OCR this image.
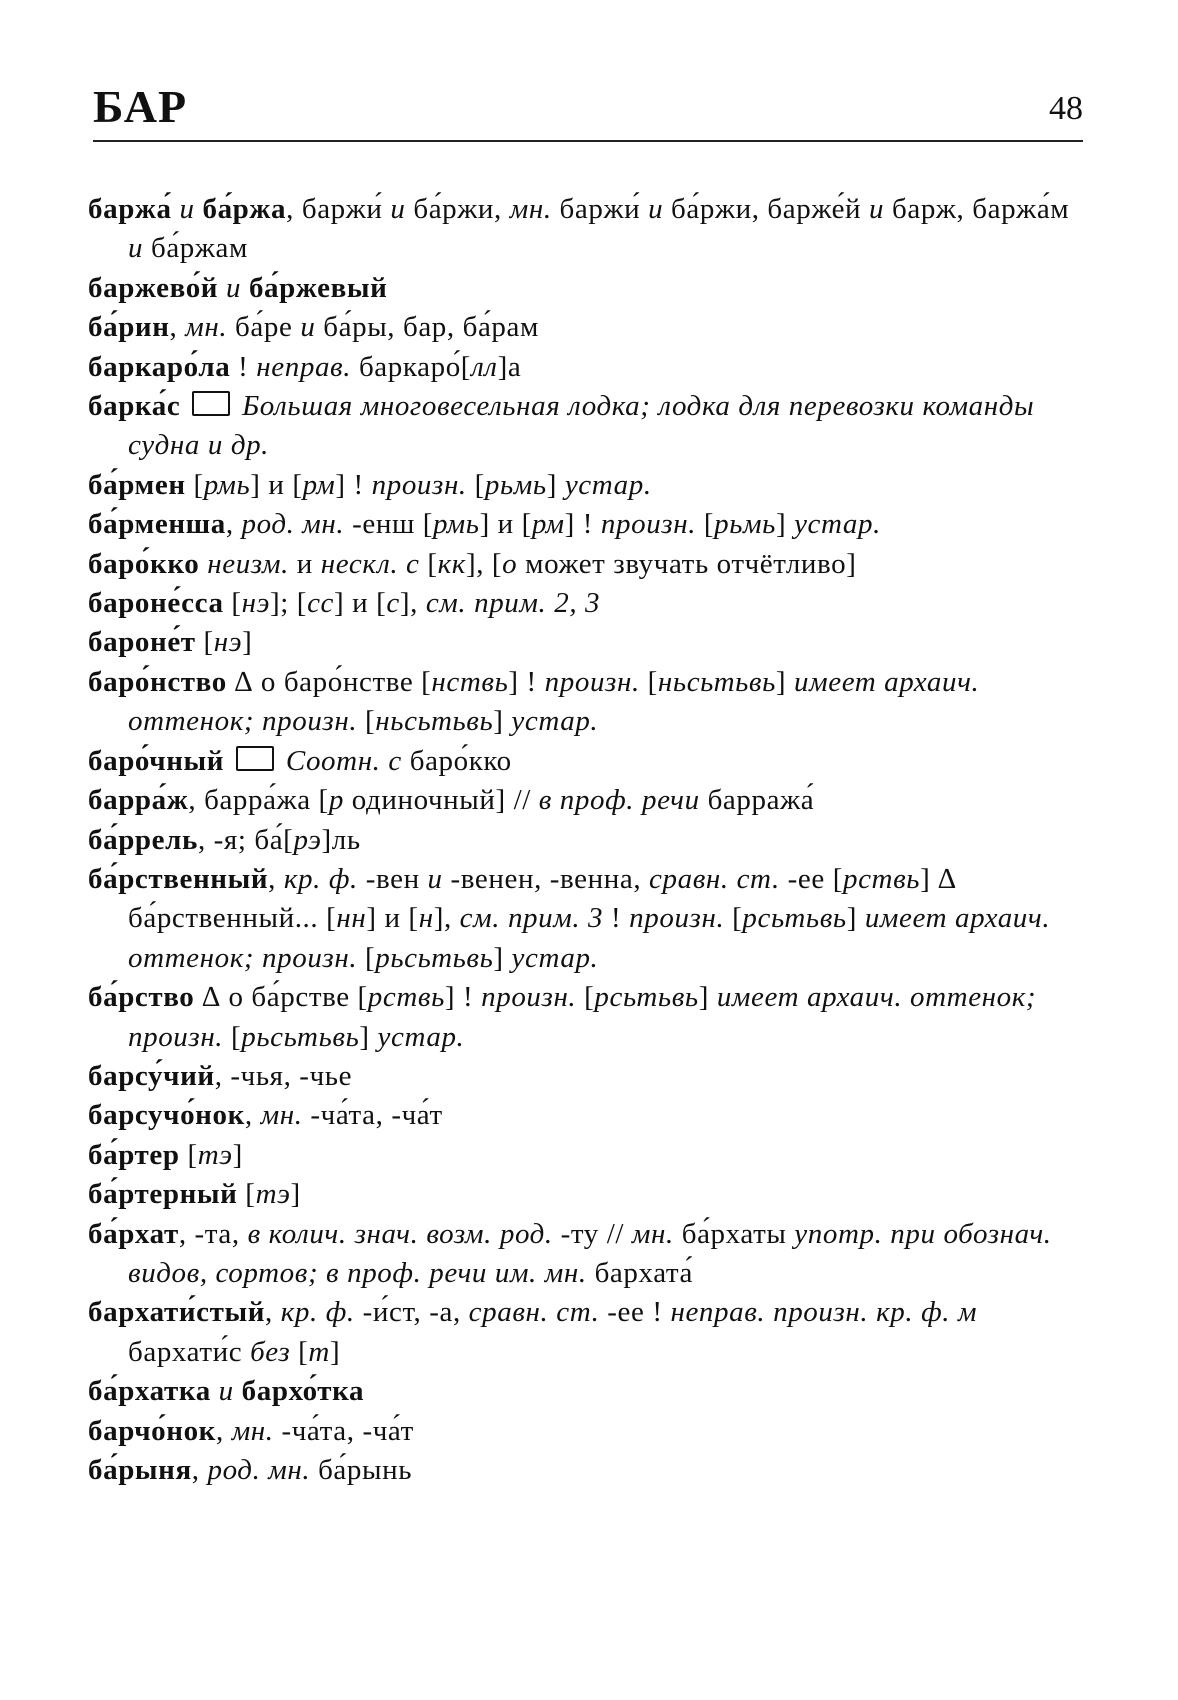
БАР	48
баржа́ и ба́ржа, баржи́ и ба́ржи, мн. баржи́ и ба́ржи, барже́й и барж, баржа́м и ба́ржам
баржево́й и ба́ржевый
ба́рин, мн. ба́ре и ба́ры, бар, ба́рам
баркаро́ла ! неправ. баркаро́[лл]а
барка́с Большая многовесельная лодка; лодка для перевозки команды судна и др.
ба́рмен [рмь] и [рм] ! произн. [рьмь] устар.
ба́рменша, род. мн. -енш [рмь] и [рм] ! произн. [рьмь] устар.
баро́кко неизм. и нескл. с [кк], [о может звучать отчётливо]
бароне́сса [нэ]; [сс] и [с], см. прим. 2, 3
бароне́т [нэ]
баро́нство ∆ о баро́нстве [нствь] ! произн. [ньсьтьвь] имеет архаич. оттенок; произн. [ньсьтьвь] устар.
баро́чный Соотн. с баро́кко
барра́ж, барра́жа [р одиночный] // в проф. речи барража́
ба́ррель, -я; ба́[рэ]ль
ба́рственный, кр. ф. -вен и -венен, -венна, сравн. ст. -ее [рствь] ∆ ба́рственный... [нн] и [н], см. прим. 3 ! произн. [рсьтьвь] имеет архаич. оттенок; произн. [рьсьтьвь] устар.
ба́рство ∆ о ба́рстве [рствь] ! произн. [рсьтьвь] имеет архаич. оттенок; произн. [рьсьтьвь] устар.
барсу́чий, -чья, -чье
барсучо́нок, мн. -ча́та, -ча́т
ба́ртер [тэ]
ба́ртерный [тэ]
ба́рхат, -та, в колич. знач. возм. род. -ту // мн. ба́рхаты употр. при обознач. видов, сортов; в проф. речи им. мн. бархата́
бархати́стый, кр. ф. -и́ст, -а, сравн. ст. -ее ! неправ. произн. кр. ф. м бархати́с без [т]
ба́рхатка и бархо́тка
барчо́нок, мн. -ча́та, -ча́т
ба́рыня, род. мн. ба́рынь
